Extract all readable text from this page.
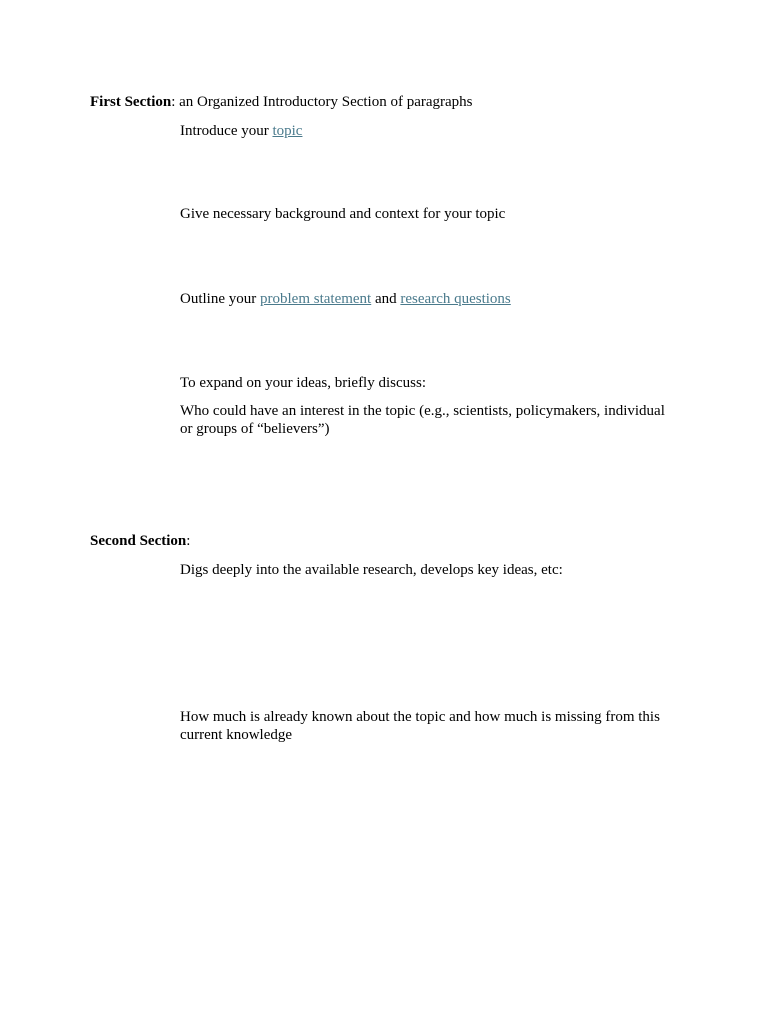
First Section: an Organized Introductory Section of paragraphs
Introduce your topic
Give necessary background and context for your topic
Outline your problem statement and research questions
To expand on your ideas, briefly discuss:
Who could have an interest in the topic (e.g., scientists, policymakers, individual or groups of “believers”)
Second Section:
Digs deeply into the available research, develops key ideas, etc:
How much is already known about the topic and how much is missing from this current knowledge
